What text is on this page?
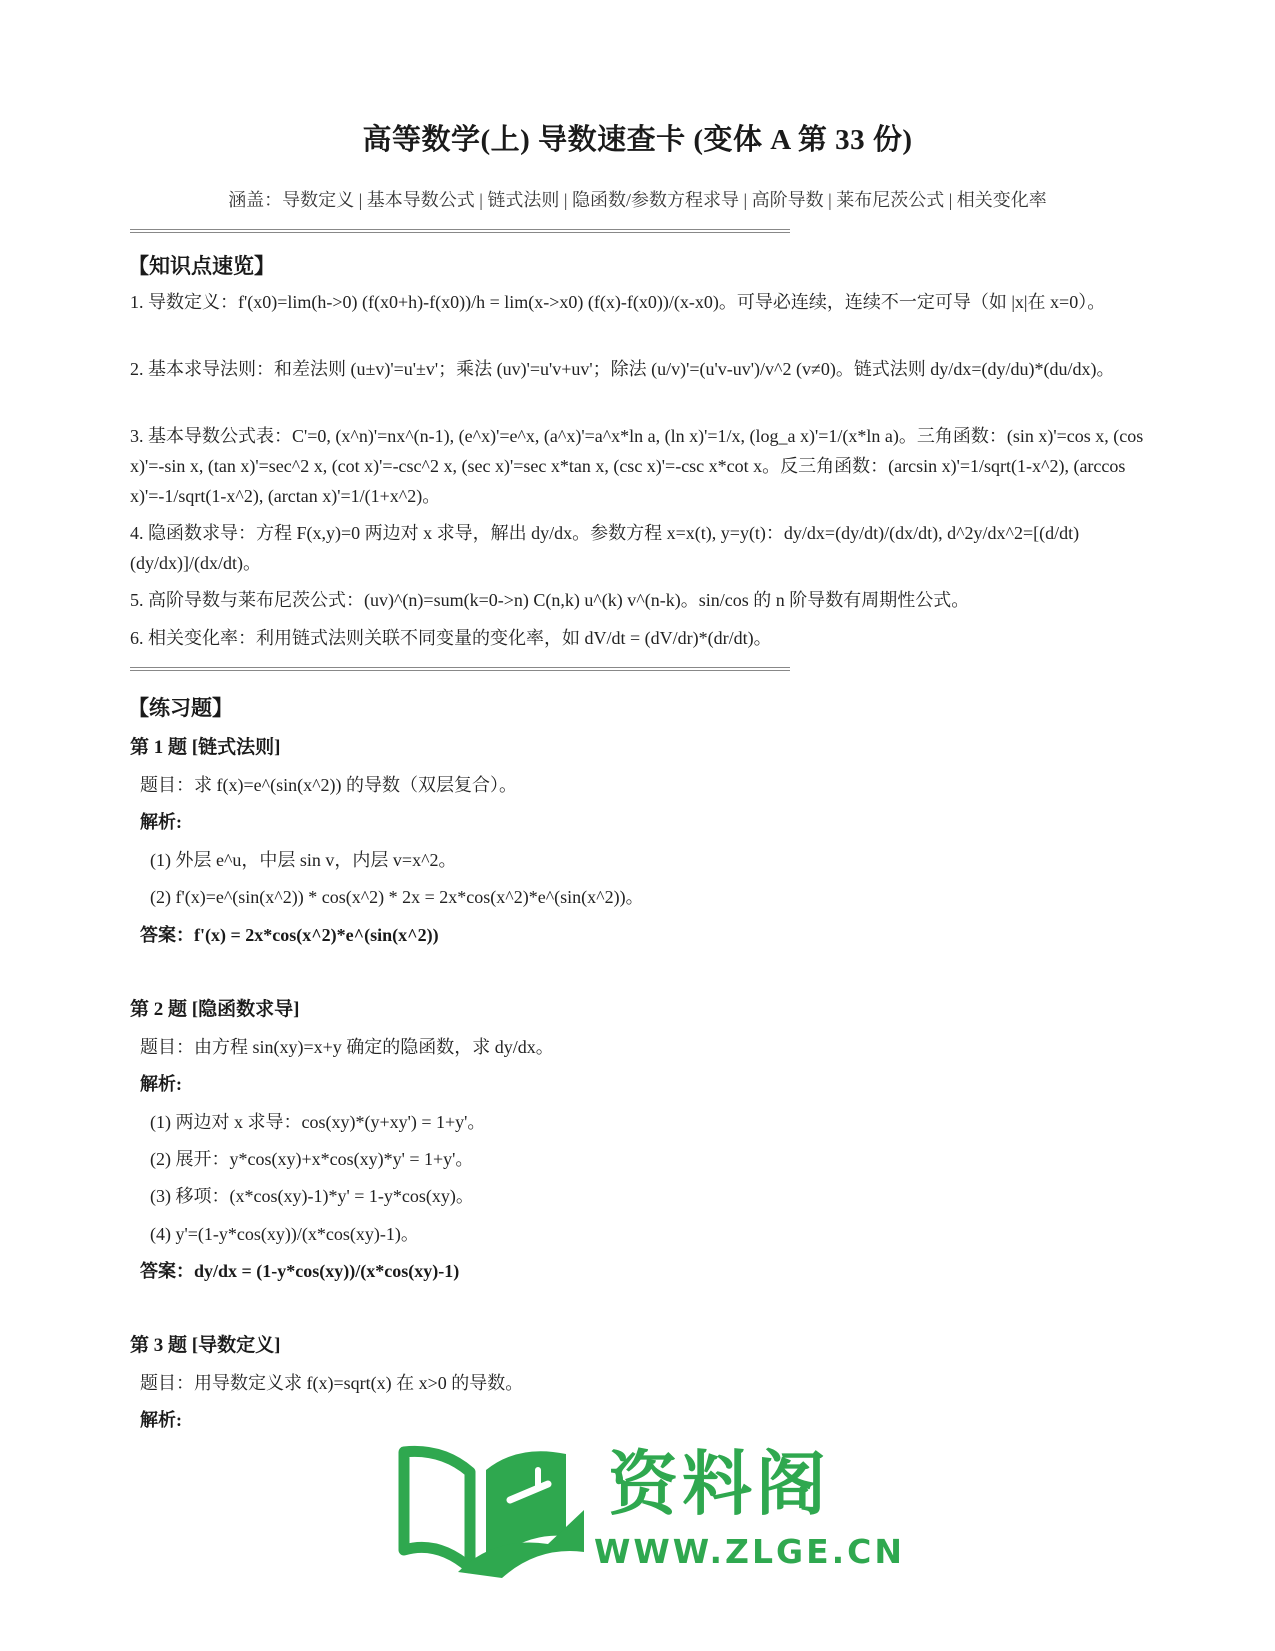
高等数学(上) 导数速查卡 (变体 A 第 33 份)
涵盖：导数定义 | 基本导数公式 | 链式法则 | 隐函数/参数方程求导 | 高阶导数 | 莱布尼茨公式 | 相关变化率
【知识点速览】
1. 导数定义：f'(x0)=lim(h->0) (f(x0+h)-f(x0))/h = lim(x->x0) (f(x)-f(x0))/(x-x0)。可导必连续，连续不一定可导（如 |x|在 x=0）。
2. 基本求导法则：和差法则 (u±v)'=u'±v'；乘法 (uv)'=u'v+uv'；除法 (u/v)'=(u'v-uv')/v^2 (v≠0)。链式法则 dy/dx=(dy/du)*(du/dx)。
3. 基本导数公式表：C'=0, (x^n)'=nx^(n-1), (e^x)'=e^x, (a^x)'=a^x*ln a, (ln x)'=1/x, (log_a x)'=1/(x*ln a)。三角函数：(sin x)'=cos x, (cos x)'=-sin x, (tan x)'=sec^2 x, (cot x)'=-csc^2 x, (sec x)'=sec x*tan x, (csc x)'=-csc x*cot x。反三角函数：(arcsin x)'=1/sqrt(1-x^2), (arccos x)'=-1/sqrt(1-x^2), (arctan x)'=1/(1+x^2)。
4. 隐函数求导：方程 F(x,y)=0 两边对 x 求导，解出 dy/dx。参数方程 x=x(t), y=y(t)：dy/dx=(dy/dt)/(dx/dt), d^2y/dx^2=[(d/dt)(dy/dx)]/(dx/dt)。
5. 高阶导数与莱布尼茨公式：(uv)^(n)=sum(k=0->n) C(n,k) u^(k) v^(n-k)。sin/cos 的 n 阶导数有周期性公式。
6. 相关变化率：利用链式法则关联不同变量的变化率，如 dV/dt = (dV/dr)*(dr/dt)。
【练习题】
第 1 题 [链式法则]
题目：求 f(x)=e^(sin(x^2)) 的导数（双层复合）。
解析:
(1) 外层 e^u，中层 sin v，内层 v=x^2。
(2) f'(x)=e^(sin(x^2)) * cos(x^2) * 2x = 2x*cos(x^2)*e^(sin(x^2))。
答案：f'(x) = 2x*cos(x^2)*e^(sin(x^2))
第 2 题 [隐函数求导]
题目：由方程 sin(xy)=x+y 确定的隐函数，求 dy/dx。
解析:
(1) 两边对 x 求导：cos(xy)*(y+xy') = 1+y'。
(2) 展开：y*cos(xy)+x*cos(xy)*y' = 1+y'。
(3) 移项：(x*cos(xy)-1)*y' = 1-y*cos(xy)。
(4) y'=(1-y*cos(xy))/(x*cos(xy)-1)。
答案：dy/dx = (1-y*cos(xy))/(x*cos(xy)-1)
第 3 题 [导数定义]
题目：用导数定义求 f(x)=sqrt(x) 在 x>0 的导数。
解析:
资料阁
WWW.ZLGE.CN
